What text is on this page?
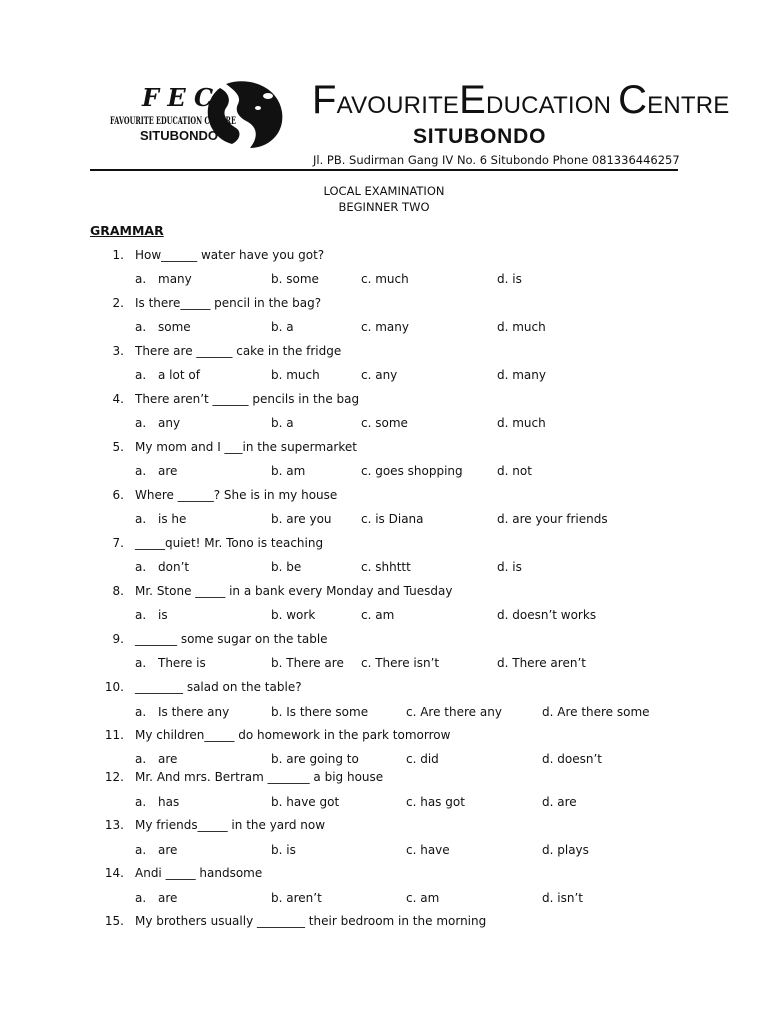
F E C
FAVOURITE EDUCATION CENTRE
SITUBONDO
FAVOURITEEDUCATION CENTRE
SITUBONDO
Jl. PB. Sudirman Gang IV No. 6 Situbondo Phone 081336446257
LOCAL EXAMINATION
BEGINNER TWO
GRAMMAR
1. How______ water have you got?
a. many	b. some	c. much	d. is
2. Is there_____ pencil in the bag?
a. some	b. a	c. many	d. much
3. There are ______ cake in the fridge
a. a lot of	b. much	c. any	d. many
4. There aren’t ______ pencils in the bag
a. any	b. a	c. some	d. much
5. My mom and I ___in the supermarket
a. are	b. am	c. goes shopping	d. not
6. Where ______? She is in my house
a. is he	b. are you c. is Diana	d. are your friends
7. _____quiet! Mr. Tono is teaching
a. don’t	b. be	c. shhttt	d. is
8. Mr. Stone _____ in a bank every Monday and Tuesday
a. is	b. work	c. am	d. doesn’t works
9. _______ some sugar on the table
a. There is	b. There are c. There isn’t	d. There aren’t
10. ________ salad on the table?
a. Is there any	b. Is there some	c. Are there any	d. Are there some
11. My children_____ do homework in the park tomorrow
a. are	b. are going to	c. did	d. doesn’t
12. Mr. And mrs. Bertram _______ a big house
a. has	b. have got	c. has got	d. are
13. My friends_____ in the yard now
a. are	b. is	c. have	d. plays
14. Andi _____ handsome
a. are	b. aren’t	c. am	d. isn’t
15. My brothers usually ________ their bedroom in the morning
